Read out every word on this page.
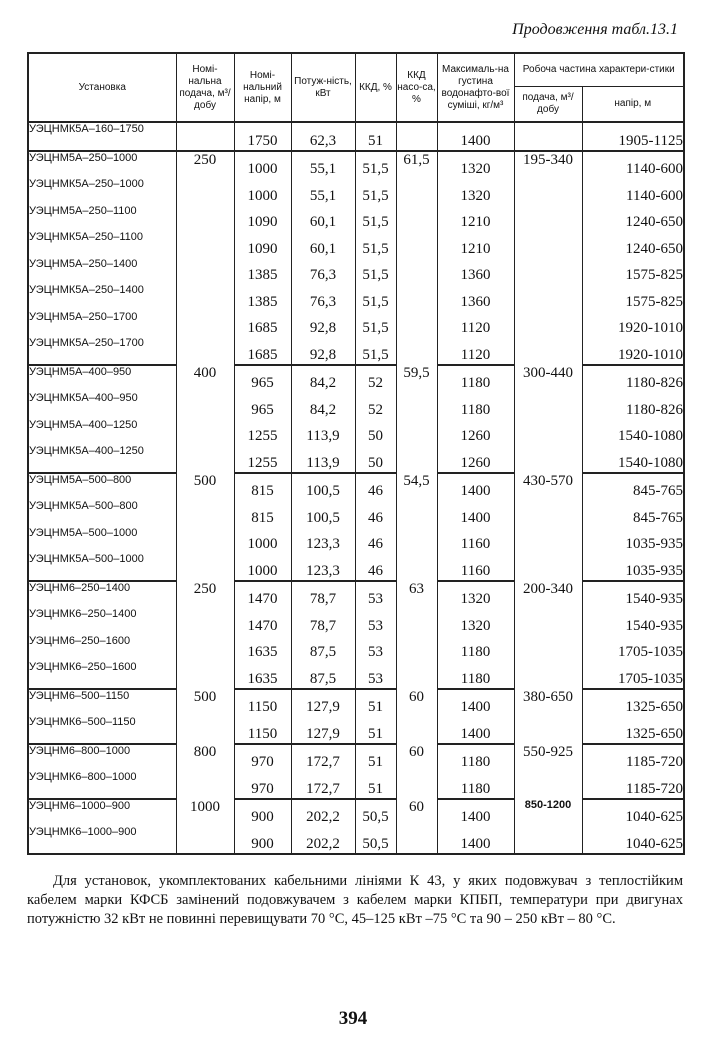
Продовження табл.13.1
Установка	Номі-нальна подача, м³/добу	Номі-нальний напір, м	Потуж-ність, кВт	ККД, %	ККД насо-са, %	Максималь-на густина водонафто-вої суміші, кг/м³	Робоча частина характери-стики	
							подача, м³/добу	напір, м
УЭЦНМК5А–160–1750		1750	62,3	51		1400		1905-1125
УЭЦНМ5А–250–1000	250	1000	55,1	51,5	61,5	1320	195-340	1140-600
УЭЦНМК5А–250–1000		1000	55,1	51,5		1320		1140-600
УЭЦНМ5А–250–1100		1090	60,1	51,5		1210		1240-650
УЭЦНМК5А–250–1100		1090	60,1	51,5		1210		1240-650
УЭЦНМ5А–250–1400		1385	76,3	51,5		1360		1575-825
УЭЦНМК5А–250–1400		1385	76,3	51,5		1360		1575-825
УЭЦНМ5А–250–1700		1685	92,8	51,5		1120		1920-1010
УЭЦНМК5А–250–1700		1685	92,8	51,5		1120		1920-1010
УЭЦНМ5А–400–950	400	965	84,2	52	59,5	1180	300-440	1180-826
УЭЦНМК5А–400–950		965	84,2	52		1180		1180-826
УЭЦНМ5А–400–1250		1255	113,9	50		1260		1540-1080
УЭЦНМК5А–400–1250		1255	113,9	50		1260		1540-1080
УЭЦНМ5А–500–800	500	815	100,5	46	54,5	1400	430-570	845-765
УЭЦНМК5А–500–800		815	100,5	46		1400		845-765
УЭЦНМ5А–500–1000		1000	123,3	46		1160		1035-935
УЭЦНМК5А–500–1000		1000	123,3	46		1160		1035-935
УЭЦНМ6–250–1400	250	1470	78,7	53	63	1320	200-340	1540-935
УЭЦНМК6–250–1400		1470	78,7	53		1320		1540-935
УЭЦНМ6–250–1600		1635	87,5	53		1180		1705-1035
УЭЦНМК6–250–1600		1635	87,5	53		1180		1705-1035
УЭЦНМ6–500–1150	500	1150	127,9	51	60	1400	380-650	1325-650
УЭЦНМК6–500–1150		1150	127,9	51		1400		1325-650
УЭЦНМ6–800–1000	800	970	172,7	51	60	1180	550-925	1185-720
УЭЦНМК6–800–1000		970	172,7	51		1180		1185-720
УЭЦНМ6–1000–900	1000	900	202,2	50,5	60	1400	850-1200	1040-625
УЭЦНМК6–1000–900		900	202,2	50,5		1400		1040-625
Для установок, укомплектованих кабельними лініями К 43, у яких подовжувач з теплостійким кабелем марки КФСБ замінений подовжувачем з кабелем марки КПБП, температури при двигунах потужністю 32 кВт не повинні перевищувати 70 °С, 45–125 кВт –75 °С та 90 – 250 кВт – 80 °С.
394
